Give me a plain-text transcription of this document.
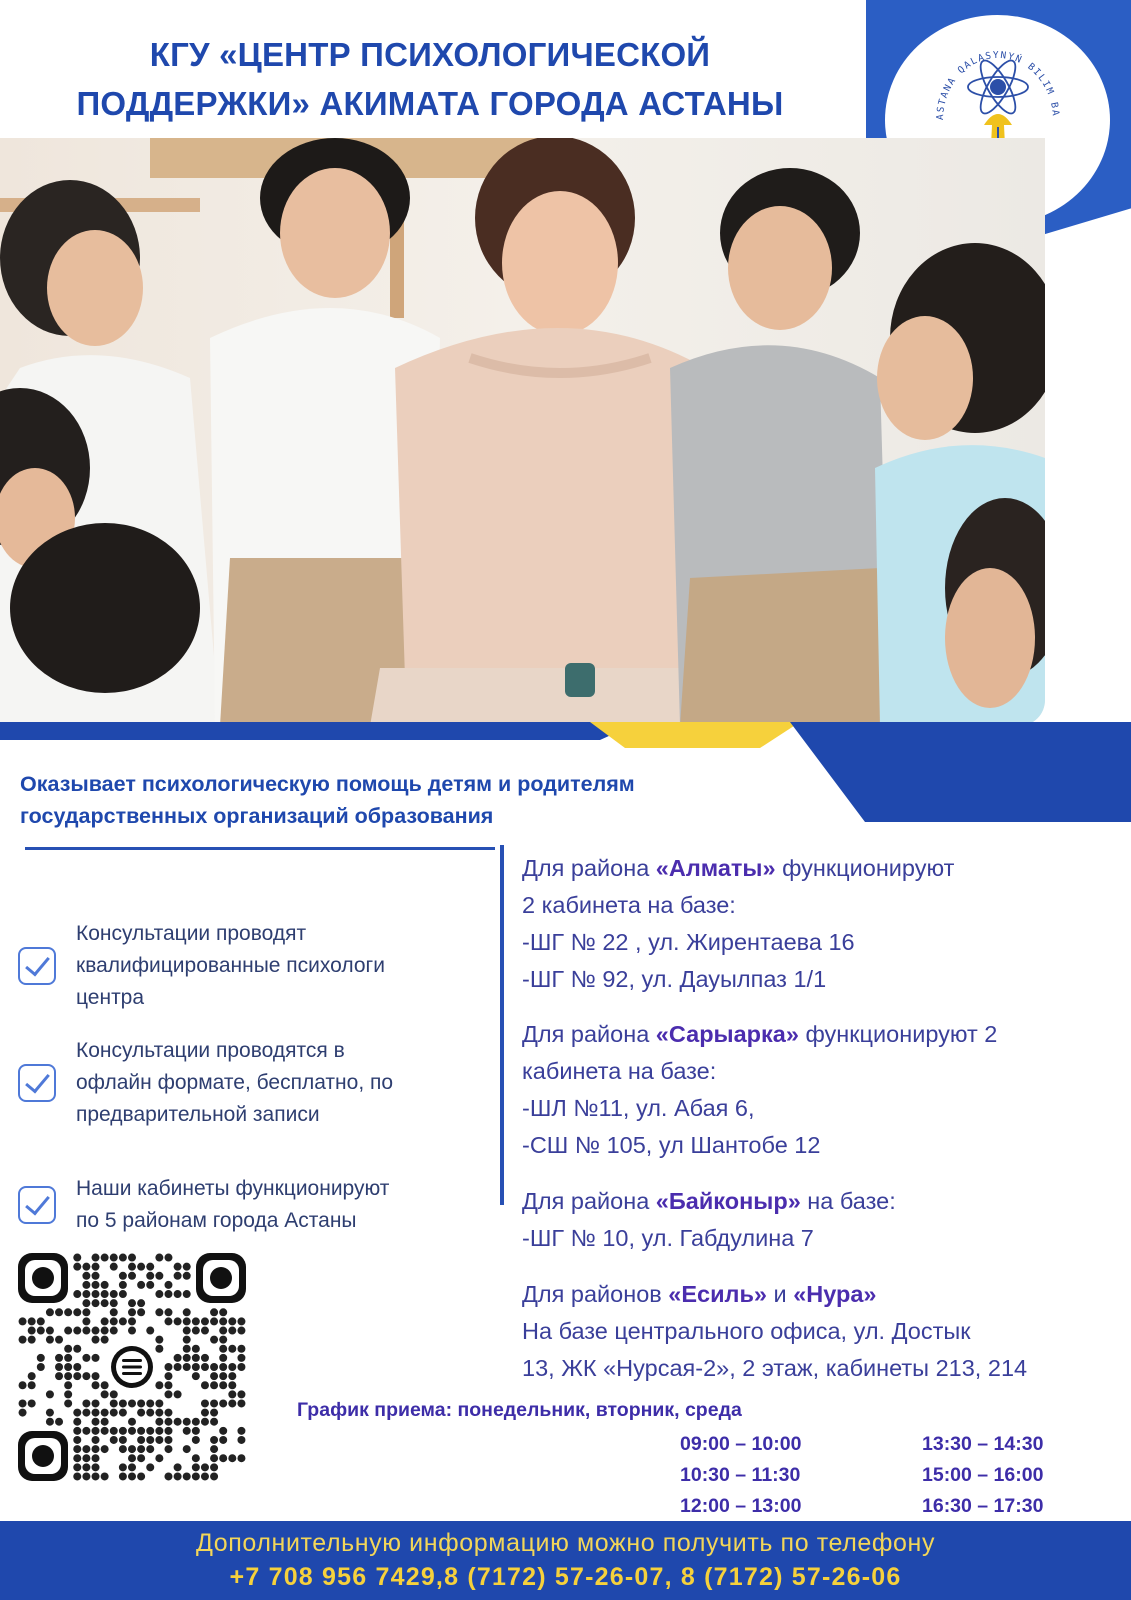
КГУ «ЦЕНТР ПСИХОЛОГИЧЕСКОЙ
ПОДДЕРЖКИ» АКИМАТА ГОРОДА АСТАНЫ	ASTANA QALASYNYŃ BILIM BA
Оказывает психологическую помощь детям и родителям
государственных организаций образования
Консультации проводят
квалифицированные психологи
центра
Консультации проводятся в
офлайн формате, бесплатно, по
предварительной записи
Наши кабинеты функционируют
по 5 районам города Астаны

Для района «Алматы» функционируют

2 кабинета на базе:

-ШГ № 22 , ул. Жирентаева 16

-ШГ № 92, ул. Дауылпаз 1/1

Для района «Сарыарка» функционируют 2

кабинета на базе:

-ШЛ №11, ул. Абая 6,

-СШ № 105, ул Шантобе 12

Для района «Байконыр» на базе:

-ШГ № 10, ул. Габдулина 7

Для районов «Есиль» и «Нура»

На базе центрального офиса, ул. Достык

13, ЖК «Нурсая-2», 2 этаж, кабинеты 213, 214

График приема: понедельник, вторник, среда
09:00 – 10:00
10:30 – 11:30
12:00 – 13:00
13:30 – 14:30
15:00 – 16:00
16:30 – 17:30
Дополнительную информацию можно получить по телефону
+7 708 956 7429,8 (7172) 57-26-07, 8 (7172) 57-26-06
